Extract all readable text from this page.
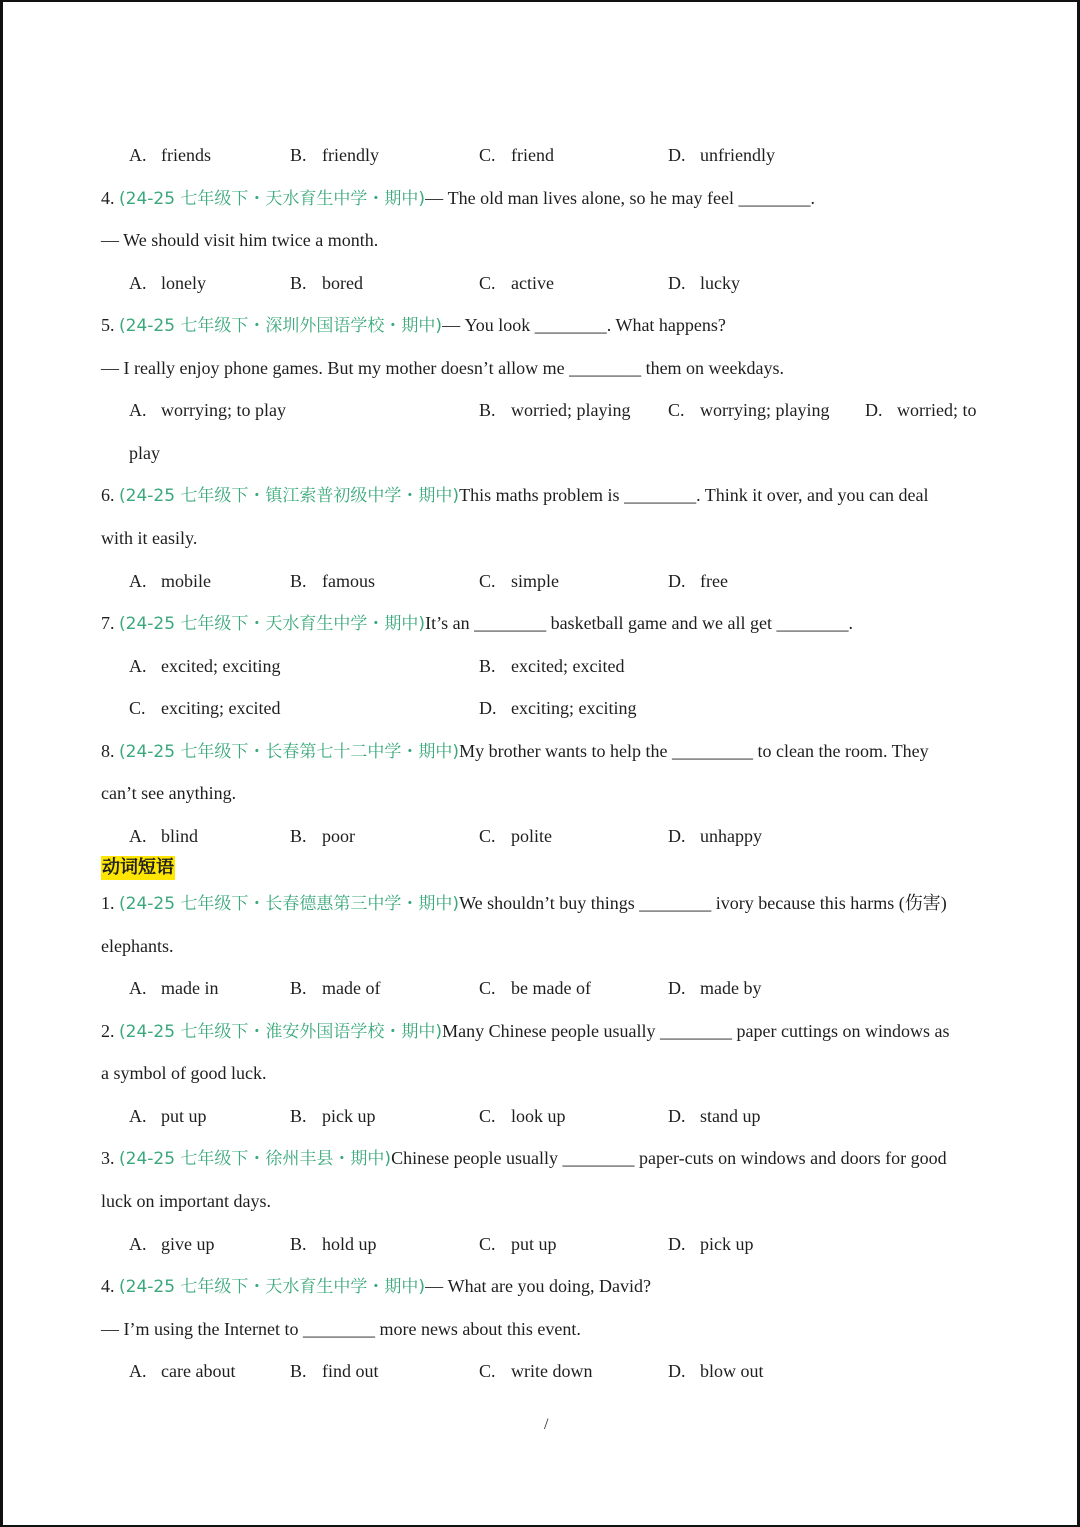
A. friends	B. friendly	C. friend	D. unfriendly
4. (24-25 七年级下・天水育生中学・期中)— The old man lives alone, so he may feel ________.
— We should visit him twice a month.
A. lonely	B. bored	C. active	D. lucky
5. (24-25 七年级下・深圳外国语学校・期中)— You look ________. What happens?
— I really enjoy phone games. But my mother doesn’t allow me ________ them on weekdays.
A. worrying; to play	B. worried; playing C. worrying; playing D. worried; to
play
6. (24-25 七年级下・镇江索普初级中学・期中)This maths problem is ________. Think it over, and you can deal
with it easily.
A. mobile	B. famous	C. simple	D. free
7. (24-25 七年级下・天水育生中学・期中)It’s an ________ basketball game and we all get ________.
A. excited; exciting	B. excited; excited
C. exciting; excited	D. exciting; exciting
8. (24-25 七年级下・长春第七十二中学・期中)My brother wants to help the _________ to clean the room. They
can’t see anything.
A. blind	B. poor	C. polite	D. unhappy
动词短语
1. (24-25 七年级下・长春德惠第三中学・期中)We shouldn’t buy things ________ ivory because this harms (伤害)
elephants.
A. made in	B. made of	C. be made of	D. made by
2. (24-25 七年级下・淮安外国语学校・期中)Many Chinese people usually ________ paper cuttings on windows as
a symbol of good luck.
A. put up	B. pick up	C. look up	D. stand up
3. (24-25 七年级下・徐州丰县・期中)Chinese people usually ________ paper-cuts on windows and doors for good
luck on important days.
A. give up	B. hold up	C. put up	D. pick up
4. (24-25 七年级下・天水育生中学・期中)— What are you doing, David?
— I’m using the Internet to ________ more news about this event.
A. care about	B. find out	C. write down	D. blow out
/
